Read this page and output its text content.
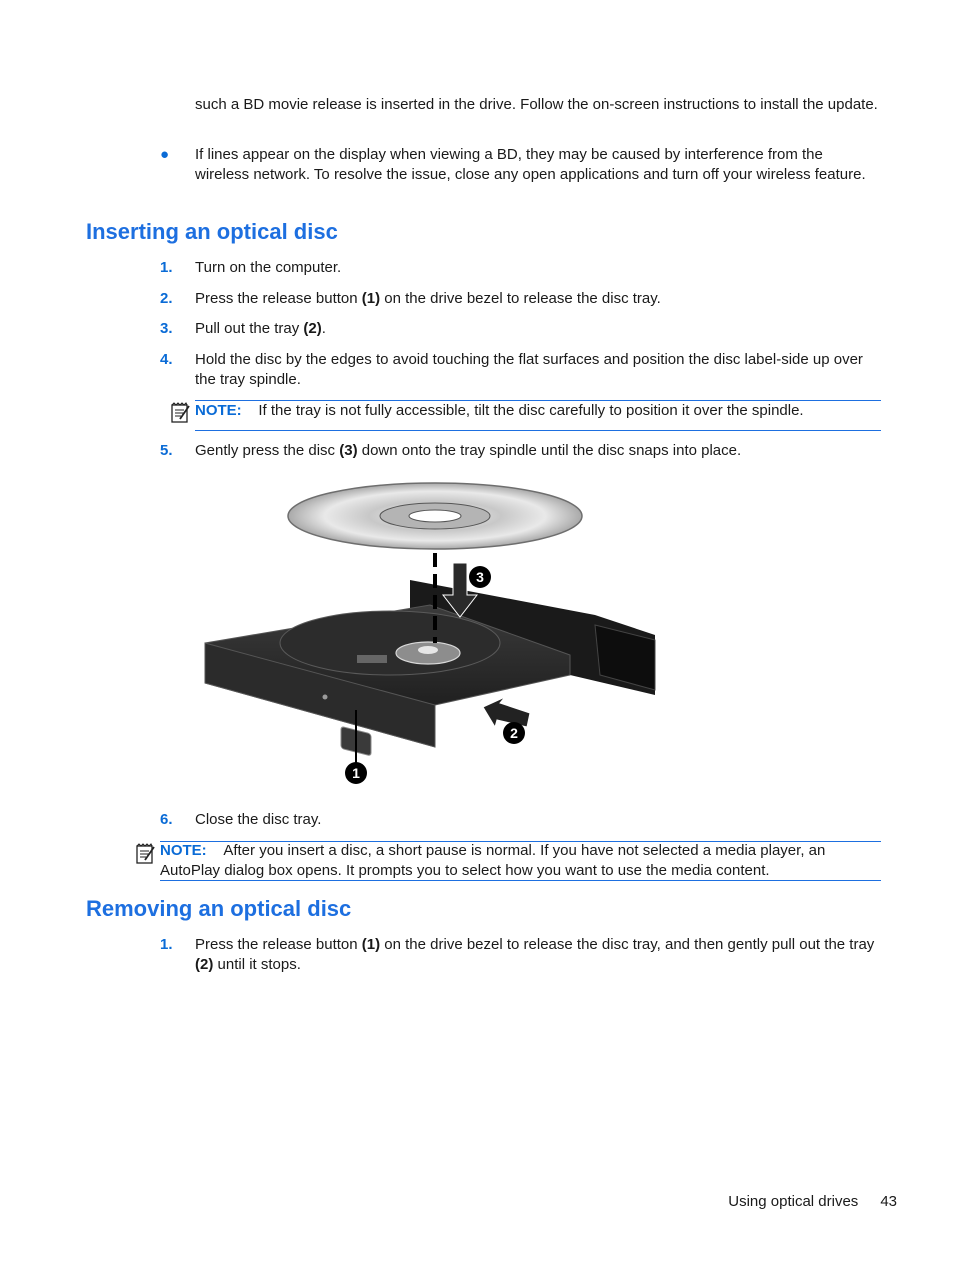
such a BD movie release is inserted in the drive. Follow the on-screen instructions to install the update.
● If lines appear on the display when viewing a BD, they may be caused by interference from the wireless network. To resolve the issue, close any open applications and turn off your wireless feature.
Inserting an optical disc
1. Turn on the computer.
2. Press the release button (1) on the drive bezel to release the disc tray.
3. Pull out the tray (2).
4. Hold the disc by the edges to avoid touching the flat surfaces and position the disc label-side up over the tray spindle.
NOTE: If the tray is not fully accessible, tilt the disc carefully to position it over the spindle.
5. Gently press the disc (3) down onto the tray spindle until the disc snaps into place.
1
2
3
6. Close the disc tray.
NOTE: After you insert a disc, a short pause is normal. If you have not selected a media player, an AutoPlay dialog box opens. It prompts you to select how you want to use the media content.
Removing an optical disc
1. Press the release button (1) on the drive bezel to release the disc tray, and then gently pull out the tray (2) until it stops.
Using optical drives 43
